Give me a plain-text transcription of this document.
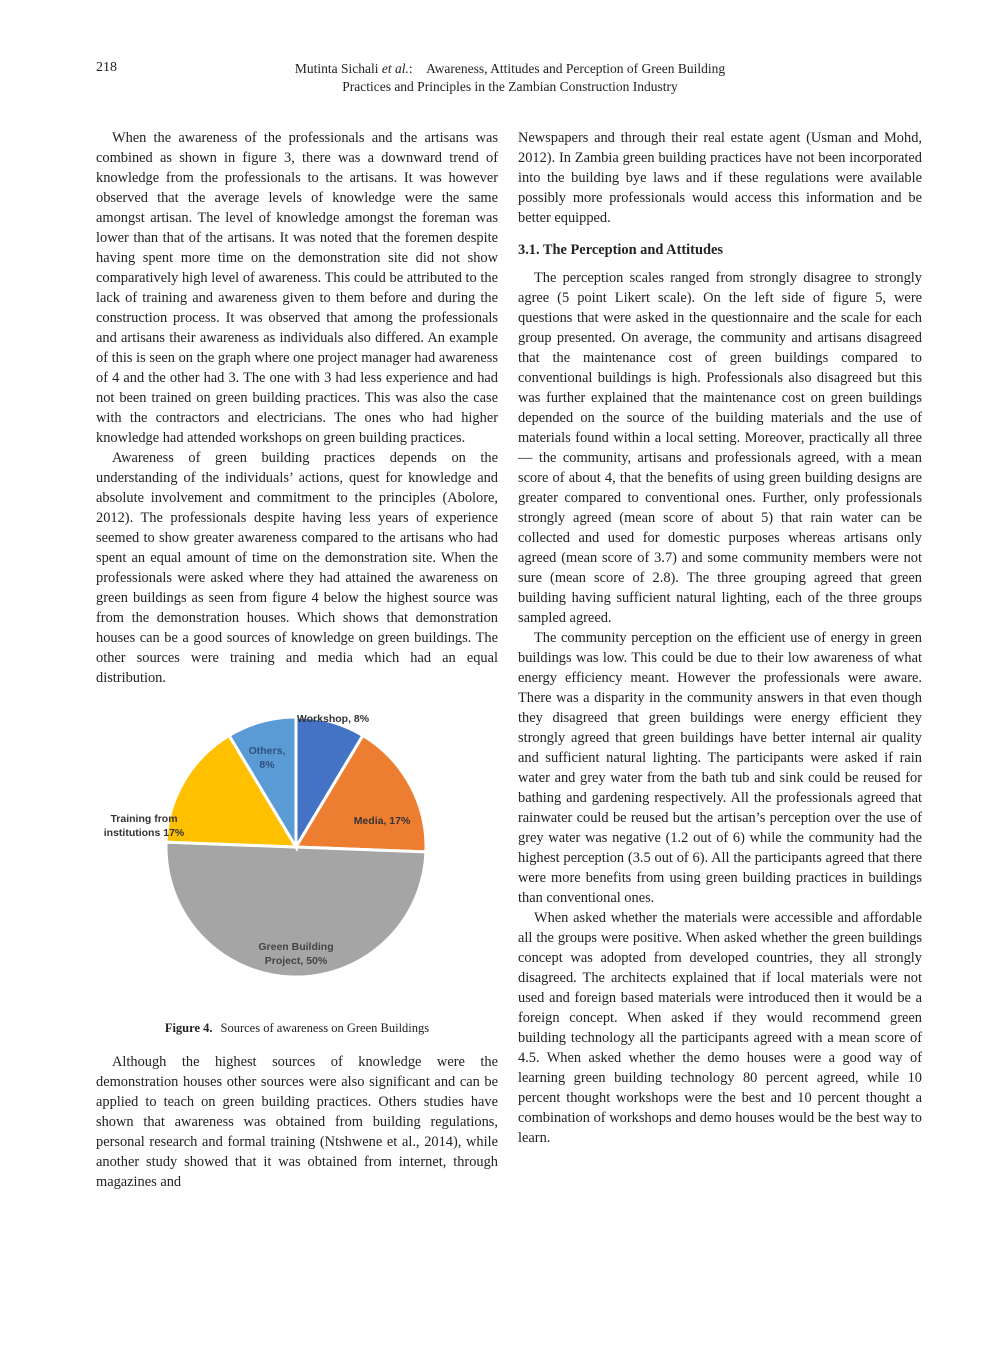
218	Mutinta Sichali et al.: Awareness, Attitudes and Perception of Green Building
Practices and Principles in the Zambian Construction Industry

When the awareness of the professionals and the artisans was combined as shown in figure 3, there was a downward trend of knowledge from the professionals to the artisans. It was however observed that the average levels of knowledge were the same amongst artisan. The level of knowledge amongst the foreman was lower than that of the artisans. It was noted that the foremen despite having spent more time on the demonstration site did not show comparatively high level of awareness. This could be attributed to the lack of training and awareness given to them before and during the construction process. It was observed that among the professionals and artisans their awareness as individuals also differed. An example of this is seen on the graph where one project manager had awareness of 4 and the other had 3. The one with 3 had less experience and had not been trained on green building practices. This was also the case with the contractors and electricians. The ones who had higher knowledge had attended workshops on green building practices.

Awareness of green building practices depends on the understanding of the individuals’ actions, quest for knowledge and absolute involvement and commitment to the principles (Abolore, 2012). The professionals despite having less years of experience seemed to show greater awareness compared to the artisans who had spent an equal amount of time on the demonstration site. When the professionals were asked where they had attained the awareness on green buildings as seen from figure 4 below the highest source was from the demonstration houses. Which shows that demonstration houses can be a good sources of knowledge on green buildings. The other sources were training and media which had an equal distribution.

Workshop, 8%
Media, 17%
Green Building Project, 50%
Training from institutions 17%
Others, 8%
Figure 4. Sources of awareness on Green Buildings

Although the highest sources of knowledge were the demonstration houses other sources were also significant and can be applied to teach on green building practices. Others studies have shown that awareness was obtained from building regulations, personal research and formal training (Ntshwene et al., 2014), while another study showed that it was obtained from internet, through magazines and

Newspapers and through their real estate agent (Usman and Mohd, 2012). In Zambia green building practices have not been incorporated into the building bye laws and if these regulations were available possibly more professionals would access this information and be better equipped.

3.1. The Perception and Attitudes

The perception scales ranged from strongly disagree to strongly agree (5 point Likert scale). On the left side of figure 5, were questions that were asked in the questionnaire and the scale for each group presented. On average, the community and artisans disagreed that the maintenance cost of green buildings compared to conventional buildings is high. Professionals also disagreed but this was further explained that the maintenance cost on green buildings depended on the source of the building materials and the use of materials found within a local setting. Moreover, practically all three — the community, artisans and professionals agreed, with a mean score of about 4, that the benefits of using green building designs are greater compared to conventional ones. Further, only professionals strongly agreed (mean score of about 5) that rain water can be collected and used for domestic purposes whereas artisans only agreed (mean score of 3.7) and some community members were not sure (mean score of 2.8). The three grouping agreed that green building having sufficient natural lighting, each of the three groups sampled agreed.

The community perception on the efficient use of energy in green buildings was low. This could be due to their low awareness of what energy efficiency meant. However the professionals were aware. There was a disparity in the community answers in that even though they disagreed that green buildings were energy efficient they strongly agreed that green buildings have better internal air quality and sufficient natural lighting. The participants were asked if rain water and grey water from the bath tub and sink could be reused for bathing and gardening respectively. All the professionals agreed that rainwater could be reused but the artisan’s perception over the use of grey water was negative (1.2 out of 6) while the community had the highest perception (3.5 out of 6). All the participants agreed that there were more benefits from using green building practices in buildings than conventional ones.

When asked whether the materials were accessible and affordable all the groups were positive. When asked whether the green buildings concept was adopted from developed countries, they all strongly disagreed. The architects explained that if local materials were not used and foreign based materials were introduced then it would be a foreign concept. When asked if they would recommend green building technology all the participants agreed with a mean score of 4.5. When asked whether the demo houses were a good way of learning green building technology 80 percent agreed, while 10 percent thought workshops were the best and 10 percent thought a combination of workshops and demo houses would be the best way to learn.
